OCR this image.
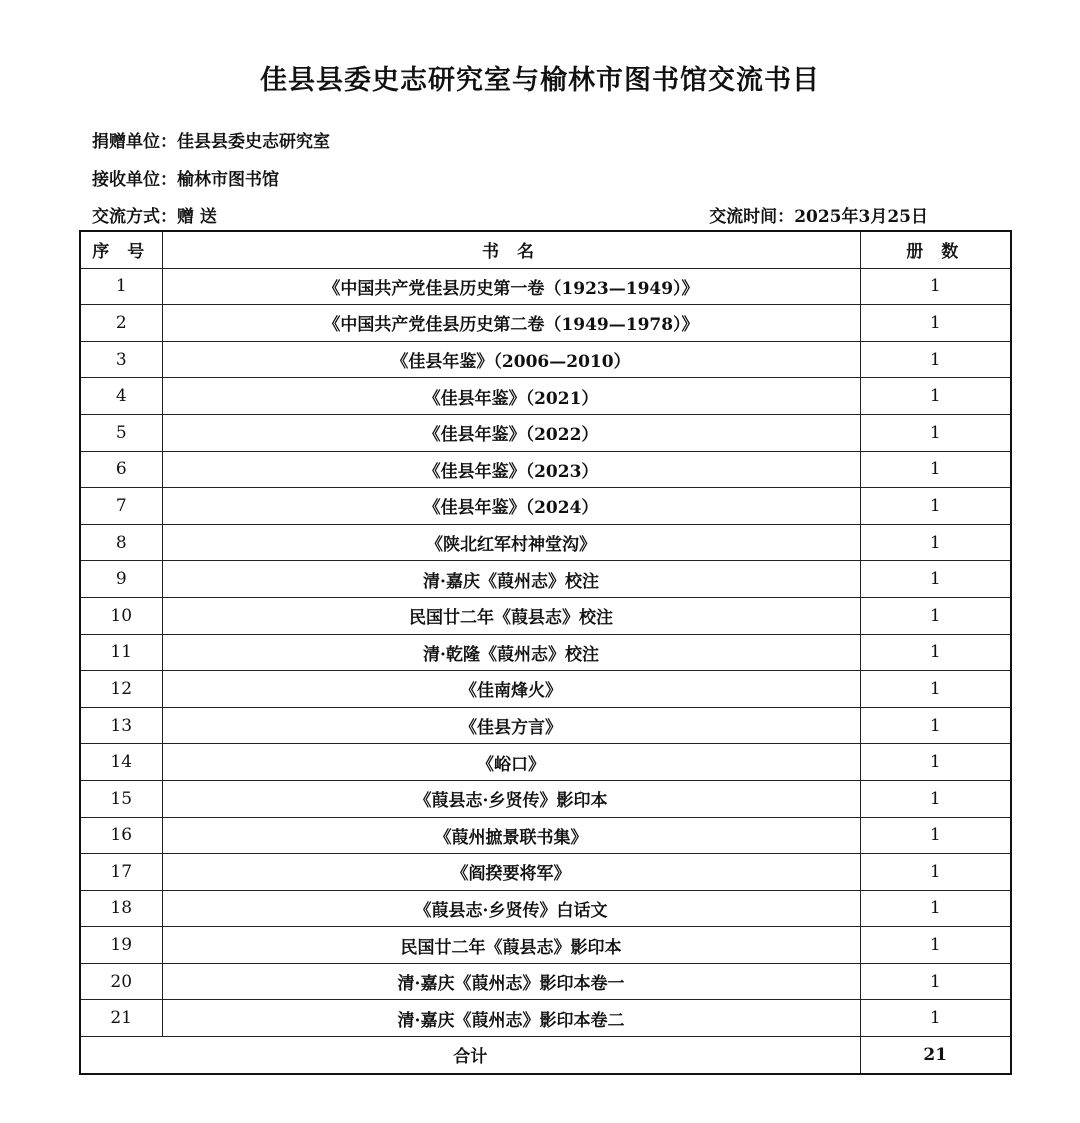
佳县县委史志研究室与榆林市图书馆交流书目
捐赠单位：佳县县委史志研究室
接收单位：榆林市图书馆
交流方式：赠 送	交流时间：2025年3月25日
序 号	书 名	册 数
1	《中国共产党佳县历史第一卷（1923—1949）》	1
2	《中国共产党佳县历史第二卷（1949—1978）》	1
3	《佳县年鉴》（2006—2010）	1
4	《佳县年鉴》（2021）	1
5	《佳县年鉴》（2022）	1
6	《佳县年鉴》（2023）	1
7	《佳县年鉴》（2024）	1
8	《陕北红军村神堂沟》	1
9	清·嘉庆《葭州志》校注	1
10	民国廿二年《葭县志》校注	1
11	清·乾隆《葭州志》校注	1
12	《佳南烽火》	1
13	《佳县方言》	1
14	《峪口》	1
15	《葭县志·乡贤传》影印本	1
16	《葭州摭景联书集》	1
17	《阎揆要将军》	1
18	《葭县志·乡贤传》白话文	1
19	民国廿二年《葭县志》影印本	1
20	清·嘉庆《葭州志》影印本卷一	1
21	清·嘉庆《葭州志》影印本卷二	1
合计		21
